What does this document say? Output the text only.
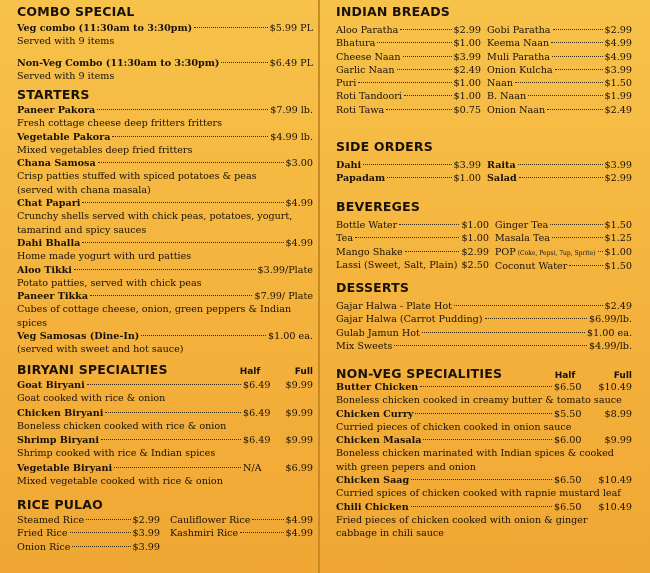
COMBO SPECIAL
Veg combo (11:30am to 3:30pm)	$5.99 PL
Served with 9 items
Non-Veg Combo (11:30am to 3:30pm)	$6.49 PL
Served with 9 items
STARTERS
Paneer Pakora	$7.99 lb.
Fresh cottage cheese deep fritters fritters
Vegetable Pakora	$4.99 lb.
Mixed vegetables deep fried fritters
Chana Samosa	$3.00
Crisp patties stuffed with spiced potatoes & peas
(served with chana masala)
Chat Papari	$4.99
Crunchy shells served with chick peas, potatoes, yogurt,
tamarind and spicy sauces
Dahi Bhalla	$4.99
Home made yogurt with urd patties
Aloo Tikki	$3.99/Plate
Potato patties, served with chick peas
Paneer Tikka	$7.99/ Plate
Cubes of cottage cheese, onion, green peppers & Indian spices
Veg Samosas (Dine-In)	$1.00 ea.
(served with sweet and hot sauce)
BIRYANI SPECIALTIES	Half	Full
Goat Biryani	$6.49	$9.99
Goat cooked with rice & onion
Chicken Biryani	$6.49	$9.99
Boneless chicken cooked with rice & onion
Shrimp Biryani	$6.49	$9.99
Shrimp cooked with rice & Indian spices
Vegetable Biryani	N/A	$6.99
Mixed vegetable cooked with rice & onion
RICE PULAO
Steamed Rice	$2.99
Fried Rice	$3.99
Onion Rice	$3.99
Cauliflower Rice	$4.99
Kashmiri Rice	$4.99
INDIAN BREADS
Aloo Paratha	$2.99
Bhatura	$1.00
Cheese Naan	$3.99
Garlic Naan	$2.49
Puri	$1.00
Roti Tandoori	$1.00
Roti Tawa	$0.75
Gobi Paratha	$2.99
Keema Naan	$4.99
Muli Paratha	$4.99
Onion Kulcha	$3.99
Naan	$1.50
B. Naan	$1.99
Onion Naan	$2.49
SIDE ORDERS
Dahi	$3.99
Papadam	$1.00
Raita	$3.99
Salad	$2.99
BEVEREGES
Bottle Water	$1.00
Tea	$1.00
Mango Shake	$2.99
Lassi (Sweet, Salt, Plain) $2.50
Ginger Tea	$1.50
Masala Tea	$1.25
POP (Coke, Pepsi, 7up, Sprite) $1.00
Coconut Water	$1.50
DESSERTS
Gajar Halwa - Plate Hot	$2.49
Gajar Halwa (Carrot Pudding)	$6.99/lb.
Gulab Jamun Hot	$1.00 ea.
Mix Sweets	$4.99/lb.
NON-VEG SPECIALITIES	Half	Full
Butter Chicken	$6.50	$10.49
Boneless chicken cooked in creamy butter & tomato sauce
Chicken Curry	$5.50	$8.99
Curried pieces of chicken cooked in onion sauce
Chicken Masala	$6.00	$9.99
Boneless chicken marinated with Indian spices & cooked
with green pepers and onion
Chicken Saag	$6.50	$10.49
Curried spices of chicken cooked with rapnie mustard leaf
Chili Chicken	$6.50	$10.49
Fried pieces of chicken cooked with onion & ginger
cabbage in chili sauce
